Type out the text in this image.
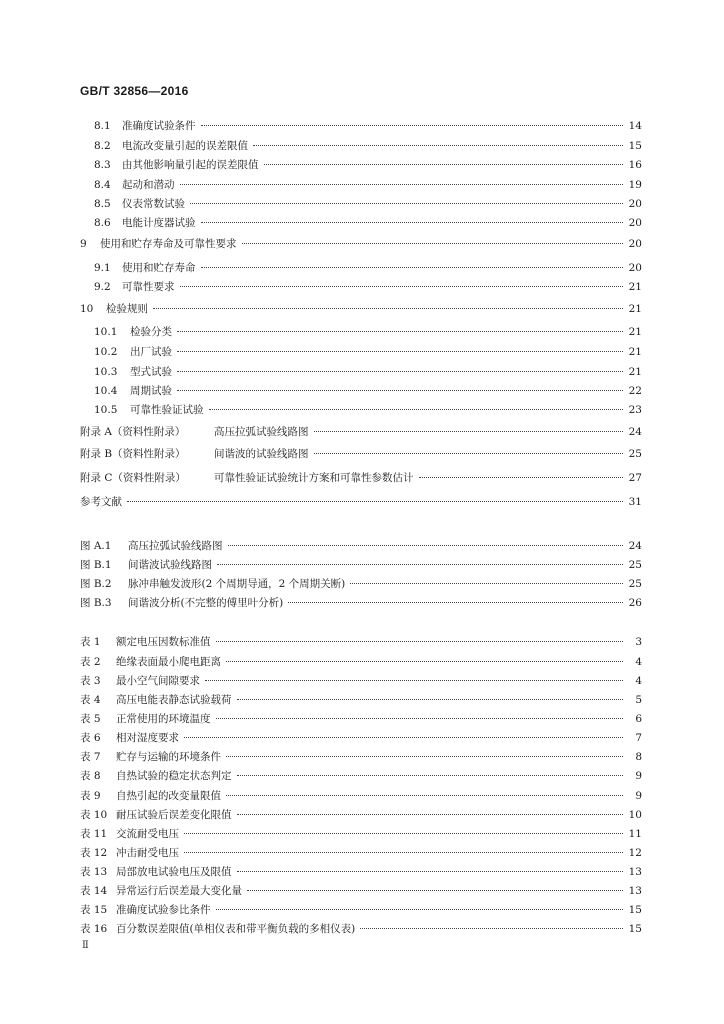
GB/T 32856—2016
8.1	准确度试验条件	14
8.2	电流改变量引起的误差限值	15
8.3	由其他影响量引起的误差限值	16
8.4	起动和潜动	19
8.5	仪表常数试验	20
8.6	电能计度器试验	20
9	使用和贮存寿命及可靠性要求	20
9.1	使用和贮存寿命	20
9.2	可靠性要求	21
10	检验规则	21
10.1	检验分类	21
10.2	出厂试验	21
10.3	型式试验	21
10.4	周期试验	22
10.5	可靠性验证试验	23
附录 A（资料性附录）	高压拉弧试验线路图	24
附录 B（资料性附录）	间谐波的试验线路图	25
附录 C（资料性附录）	可靠性验证试验统计方案和可靠性参数估计	27
参考文献	31
图 A.1	高压拉弧试验线路图	24
图 B.1	间谐波试验线路图	25
图 B.2	脉冲串触发波形(2 个周期导通，2 个周期关断)	25
图 B.3	间谐波分析(不完整的傅里叶分析)	26
表 1	额定电压因数标准值	3
表 2	绝缘表面最小爬电距离	4
表 3	最小空气间隙要求	4
表 4	高压电能表静态试验载荷	5
表 5	正常使用的环境温度	6
表 6	相对湿度要求	7
表 7	贮存与运输的环境条件	8
表 8	自热试验的稳定状态判定	9
表 9	自热引起的改变量限值	9
表 10 耐压试验后误差变化限值	10
表 11 交流耐受电压	11
表 12 冲击耐受电压	12
表 13 局部放电试验电压及限值	13
表 14 异常运行后误差最大变化量	13
表 15 准确度试验参比条件	15
表 16 百分数误差限值(单相仪表和带平衡负载的多相仪表)	15
Ⅱ
